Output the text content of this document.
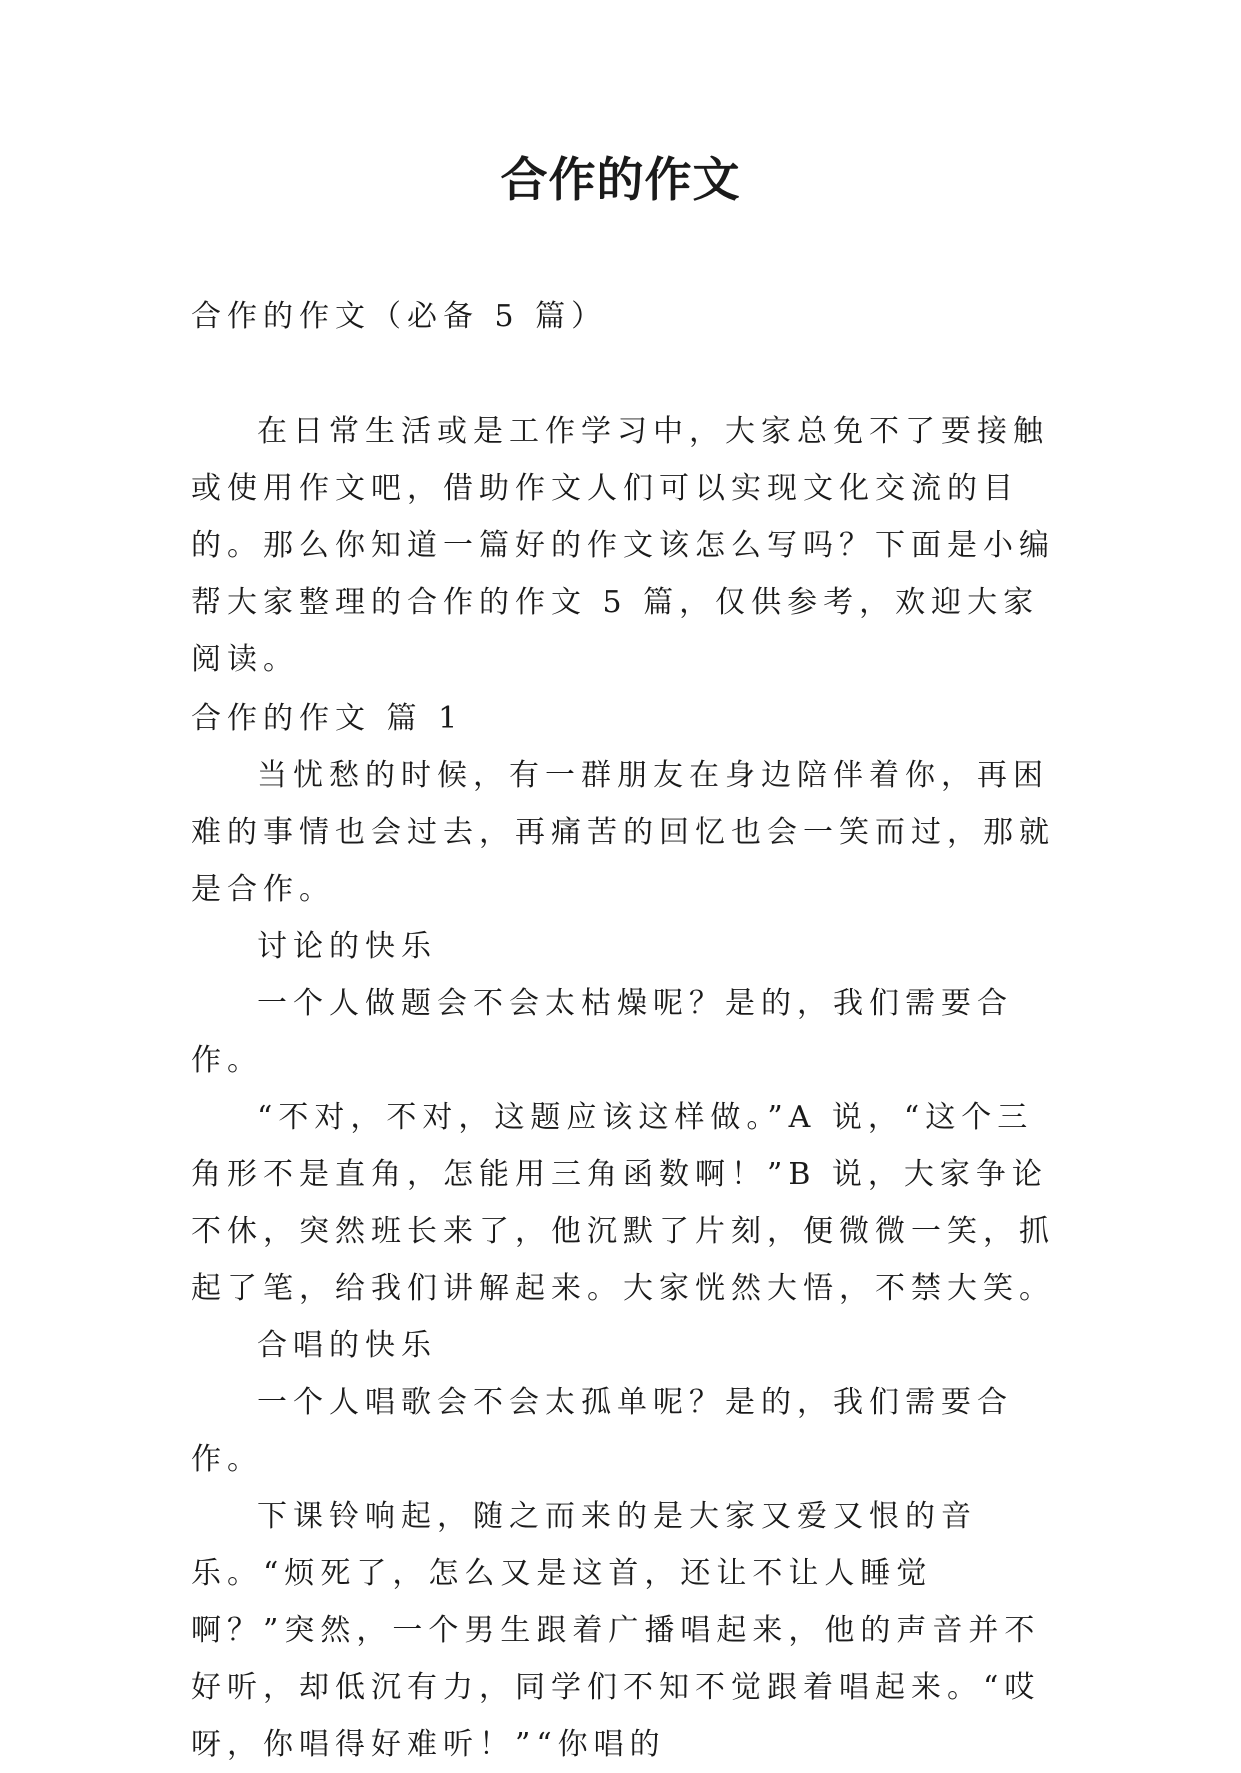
合作的作文

合作的作文（必备 5 篇）

在日常生活或是工作学习中，大家总免不了要接触或使用作文吧，借助作文人们可以实现文化交流的目的。那么你知道一篇好的作文该怎么写吗？下面是小编帮大家整理的合作的作文 5 篇，仅供参考，欢迎大家阅读。

合作的作文 篇 1

当忧愁的时候，有一群朋友在身边陪伴着你，再困难的事情也会过去，再痛苦的回忆也会一笑而过，那就是合作。

讨论的快乐

一个人做题会不会太枯燥呢？是的，我们需要合作。

“不对，不对，这题应该这样做。”A 说，“这个三角形不是直角，怎能用三角函数啊！”B 说，大家争论不休，突然班长来了，他沉默了片刻，便微微一笑，抓起了笔，给我们讲解起来。大家恍然大悟，不禁大笑。

合唱的快乐

一个人唱歌会不会太孤单呢？是的，我们需要合作。

下课铃响起，随之而来的是大家又爱又恨的音乐。“烦死了，怎么又是这首，还让不让人睡觉啊？”突然，一个男生跟着广播唱起来，他的声音并不好听，却低沉有力，同学们不知不觉跟着唱起来。“哎呀，你唱得好难听！”“你唱的
